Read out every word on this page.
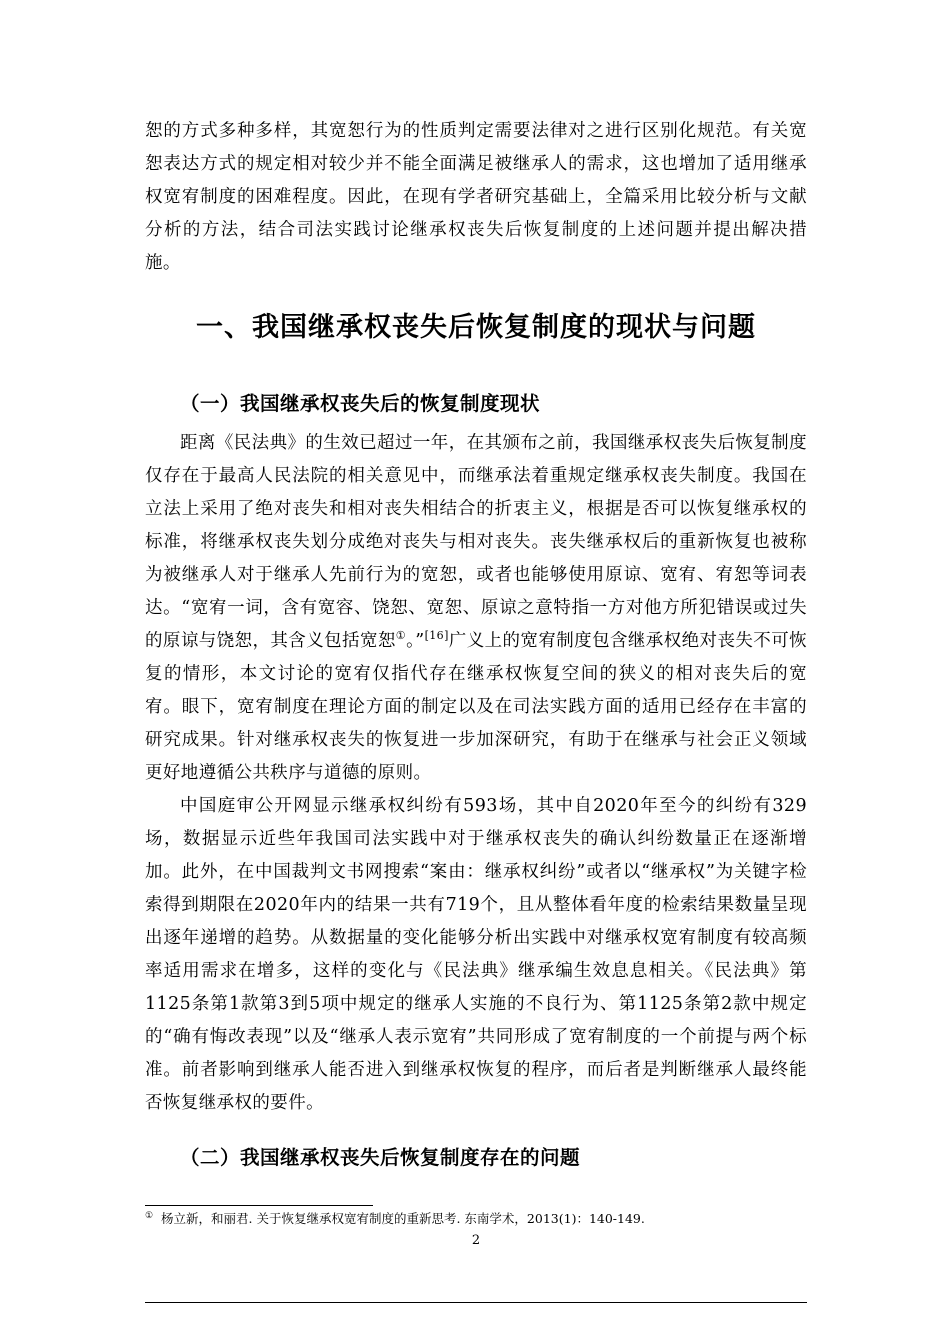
恕的方式多种多样，其宽恕行为的性质判定需要法律对之进行区别化规范。有关宽恕表达方式的规定相对较少并不能全面满足被继承人的需求，这也增加了适用继承权宽宥制度的困难程度。因此，在现有学者研究基础上，全篇采用比较分析与文献分析的方法，结合司法实践讨论继承权丧失后恢复制度的上述问题并提出解决措施。

一、我国继承权丧失后恢复制度的现状与问题
（一）我国继承权丧失后的恢复制度现状

距离《民法典》的生效已超过一年，在其颁布之前，我国继承权丧失后恢复制度仅存在于最高人民法院的相关意见中，而继承法着重规定继承权丧失制度。我国在立法上采用了绝对丧失和相对丧失相结合的折衷主义，根据是否可以恢复继承权的标准，将继承权丧失划分成绝对丧失与相对丧失。丧失继承权后的重新恢复也被称为被继承人对于继承人先前行为的宽恕，或者也能够使用原谅、宽宥、宥恕等词表达。“宽宥一词，含有宽容、饶恕、宽恕、原谅之意特指一方对他方所犯错误或过失的原谅与饶恕，其含义包括宽恕①。”[16]广义上的宽宥制度包含继承权绝对丧失不可恢复的情形，本文讨论的宽宥仅指代存在继承权恢复空间的狭义的相对丧失后的宽宥。眼下，宽宥制度在理论方面的制定以及在司法实践方面的适用已经存在丰富的研究成果。针对继承权丧失的恢复进一步加深研究，有助于在继承与社会正义领域更好地遵循公共秩序与道德的原则。

中国庭审公开网显示继承权纠纷有593场，其中自2020年至今的纠纷有329场，数据显示近些年我国司法实践中对于继承权丧失的确认纠纷数量正在逐渐增加。此外，在中国裁判文书网搜索“案由：继承权纠纷”或者以“继承权”为关键字检索得到期限在2020年内的结果一共有719个，且从整体看年度的检索结果数量呈现出逐年递增的趋势。从数据量的变化能够分析出实践中对继承权宽宥制度有较高频率适用需求在增多，这样的变化与《民法典》继承编生效息息相关。《民法典》第1125条第1款第3到5项中规定的继承人实施的不良行为、第1125条第2款中规定的“确有悔改表现”以及“继承人表示宽宥”共同形成了宽宥制度的一个前提与两个标准。前者影响到继承人能否进入到继承权恢复的程序，而后者是判断继承人最终能否恢复继承权的要件。

（二）我国继承权丧失后恢复制度存在的问题
① 杨立新，和丽君. 关于恢复继承权宽宥制度的重新思考. 东南学术，2013(1)：140-149.
2
